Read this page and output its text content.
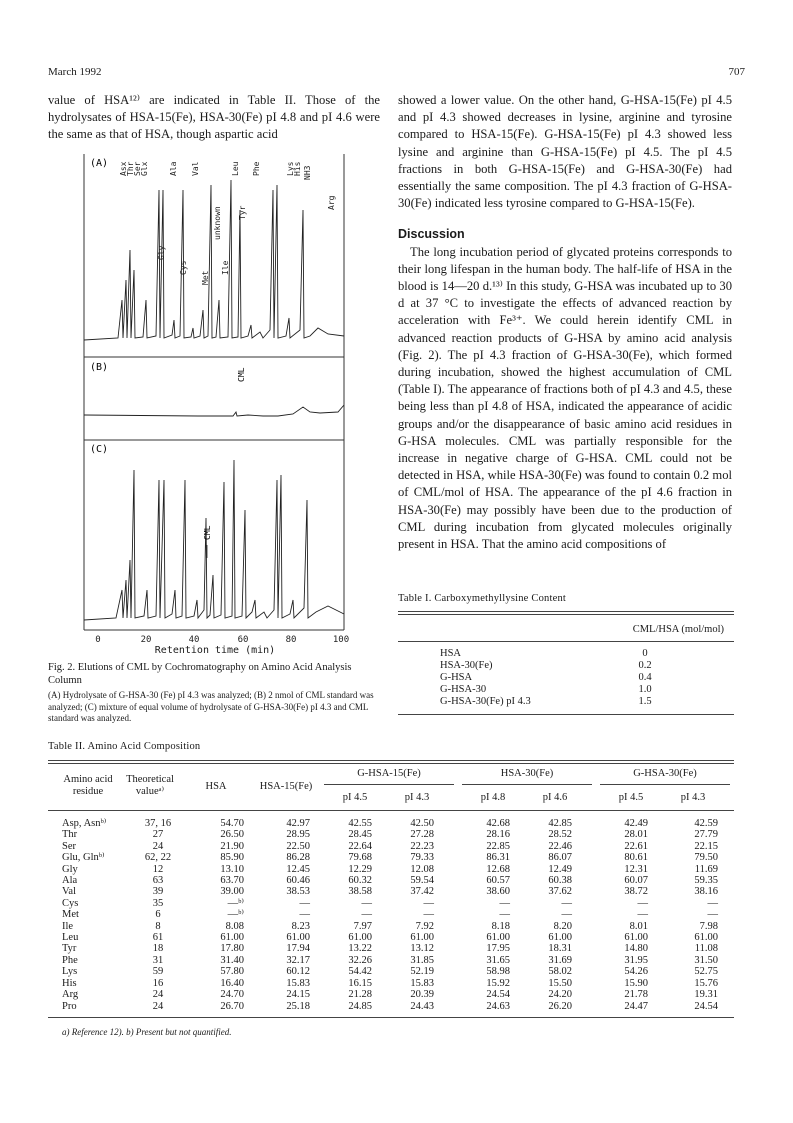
March 1992	707

value of HSA¹²⁾ are indicated in Table II. Those of the hydrolysates of HSA-15(Fe), HSA-30(Fe) pI 4.8 and pI 4.6 were the same as that of HSA, though aspartic acid

showed a lower value. On the other hand, G-HSA-15(Fe) pI 4.5 and pI 4.3 showed decreases in lysine, arginine and tyrosine compared to HSA-15(Fe). G-HSA-15(Fe) pI 4.3 showed less lysine and arginine than G-HSA-15(Fe) pI 4.5. The pI 4.5 fractions in both G-HSA-15(Fe) and G-HSA-30(Fe) had essentially the same composition. The pI 4.3 fraction of G-HSA-30(Fe) indicated less tyrosine compared to G-HSA-15(Fe).

Discussion

The long incubation period of glycated proteins corresponds to their long lifespan in the human body. The half-life of HSA in the blood is 14—20 d.¹³⁾ In this study, G-HSA was incubated up to 30 d at 37 °C to investigate the effects of advanced reaction by acceleration with Fe³⁺. We could herein identify CML in advanced reaction products of G-HSA by amino acid analysis (Fig. 2). The pI 4.3 fraction of G-HSA-30(Fe), which formed during incubation, showed the highest accumulation of CML (Table I). The appearance of fractions both of pI 4.3 and 4.5, these being less than pI 4.8 of HSA, indicated the appearance of acidic groups and/or the disappearance of basic amino acid residues in G-HSA molecules. CML was partially responsible for the increase in negative charge of G-HSA. CML could not be detected in HSA, while HSA-30(Fe) was found to contain 0.2 mol of CML/mol of HSA. The appearance of the pI 4.6 fraction in HSA-30(Fe) may possibly have been due to the production of CML during incubation from glycated molecules originally present in HSA. That the amino acid compositions of

(A)
(B)
(C)
Asx
Thr
Ser
Glx
Gly
Ala
Cys
Val
Met
unknown
Ile
Leu
Tyr
Phe	Lys
His NH3
Arg
CML
CML
0	20	40	60	80	100
Retention time (min)
Fig. 2. Elutions of CML by Cochromatography on Amino Acid Analysis Column
(A) Hydrolysate of G-HSA-30 (Fe) pI 4.3 was analyzed; (B) 2 nmol of CML standard was analyzed; (C) mixture of equal volume of hydrolysate of G-HSA-30(Fe) pI 4.3 and CML standard was analyzed.
Table I. Carboxymethyllysine Content
CML/HSA (mol/mol)
HSA	0
HSA-30(Fe)	0.2
G-HSA	0.4
G-HSA-30	1.0
G-HSA-30(Fe) pI 4.3	1.5
Table II. Amino Acid Composition
Amino acid residue
Theoretical valueᵃ⁾	HSA	HSA-15(Fe)
G-HSA-15(Fe)	HSA-30(Fe)	G-HSA-30(Fe)
pI 4.5	pI 4.3	pI 4.8	pI 4.6	pI 4.5	pI 4.3
Asp, Asnᵇ⁾	37, 16	54.70	42.97	42.55	42.50	42.68	42.85	42.49	42.59
Thr	27	26.50	28.95	28.45	27.28	28.16	28.52	28.01	27.79
Ser	24	21.90	22.50	22.64	22.23	22.85	22.46	22.61	22.15
Glu, Glnᵇ⁾	62, 22	85.90	86.28	79.68	79.33	86.31	86.07	80.61	79.50
Gly	12	13.10	12.45	12.29	12.08	12.68	12.49	12.31	11.69
Ala	63	63.70	60.46	60.32	59.54	60.57	60.38	60.07	59.35
Val	39	39.00	38.53	38.58	37.42	38.60	37.62	38.72	38.16
Cys	35	—ᵇ⁾	—	—	—	—	—	—	—
Met	6	—ᵇ⁾	—	—	—	—	—	—	—
Ile	8	8.08	8.23	7.97	7.92	8.18	8.20	8.01	7.98
Leu	61	61.00	61.00	61.00	61.00	61.00	61.00	61.00	61.00
Tyr	18	17.80	17.94	13.22	13.12	17.95	18.31	14.80	11.08
Phe	31	31.40	32.17	32.26	31.85	31.65	31.69	31.95	31.50
Lys	59	57.80	60.12	54.42	52.19	58.98	58.02	54.26	52.75
His	16	16.40	15.83	16.15	15.83	15.92	15.50	15.90	15.76
Arg	24	24.70	24.15	21.28	20.39	24.54	24.20	21.78	19.31
Pro	24	26.70	25.18	24.85	24.43	24.63	26.20	24.47	24.54
a) Reference 12). b) Present but not quantified.
